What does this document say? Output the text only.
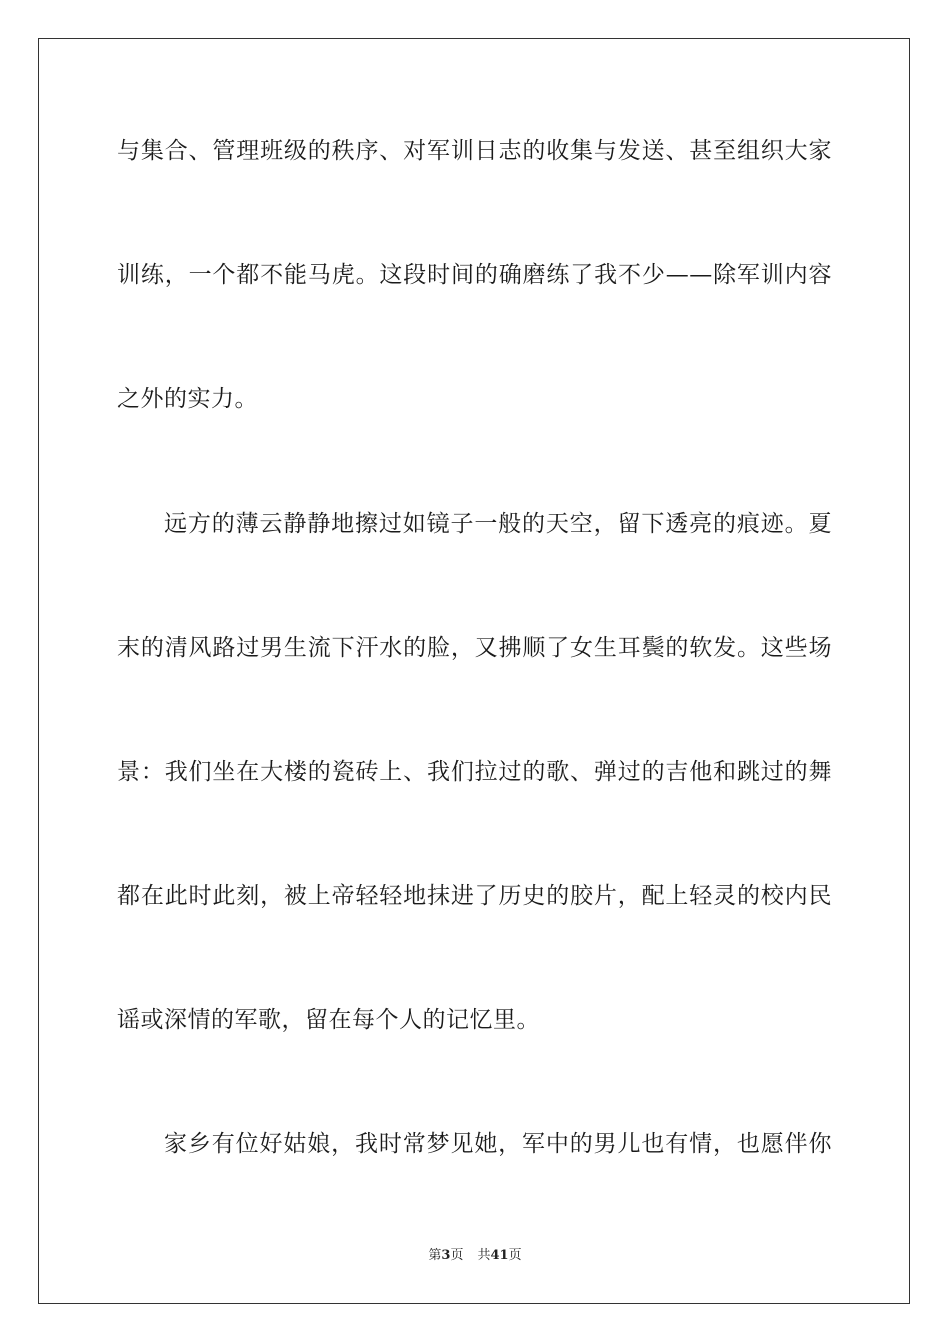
与集合、管理班级的秩序、对军训日志的收集与发送、甚至组织大家
训练，一个都不能马虎。这段时间的确磨练了我不少——除军训内容
之外的实力。
远方的薄云静静地擦过如镜子一般的天空，留下透亮的痕迹。夏
末的清风路过男生流下汗水的脸，又拂顺了女生耳鬓的软发。这些场
景：我们坐在大楼的瓷砖上、我们拉过的歌、弹过的吉他和跳过的舞
都在此时此刻，被上帝轻轻地抹进了历史的胶片，配上轻灵的校内民
谣或深情的军歌，留在每个人的记忆里。
家乡有位好姑娘，我时常梦见她，军中的男儿也有情，也愿伴你
第3页 共41页
